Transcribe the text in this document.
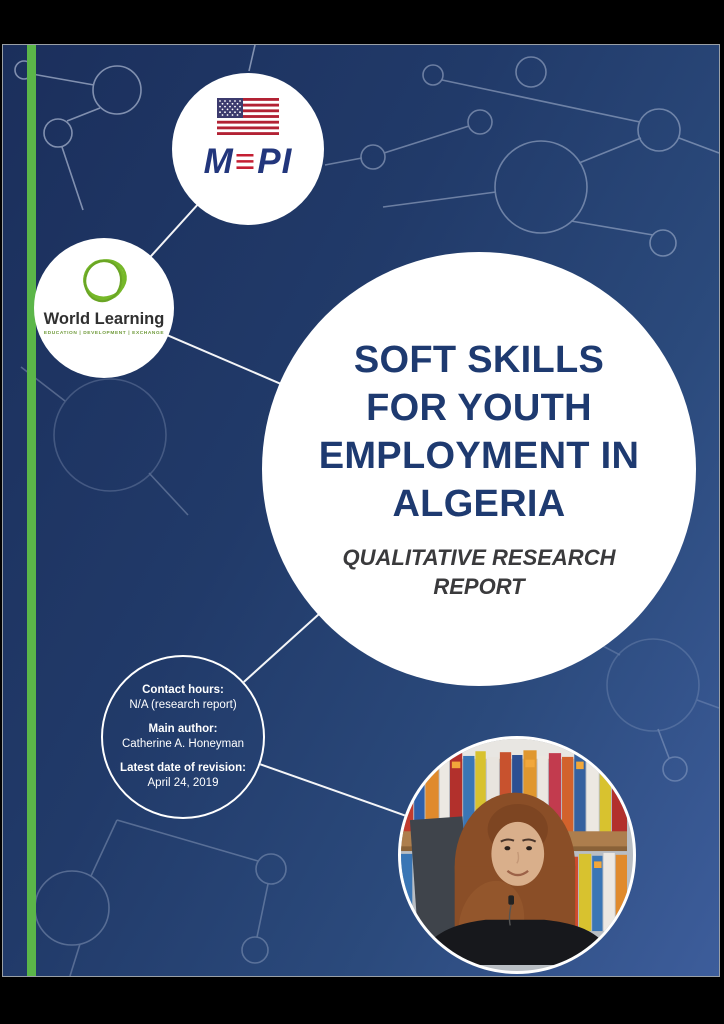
M≡PI
World Learning
EDUCATION | DEVELOPMENT | EXCHANGE
SOFT SKILLS
FOR YOUTH
EMPLOYMENT IN
ALGERIA
QUALITATIVE RESEARCH
REPORT
Contact hours:
N/A (research report)
Main author:
Catherine A. Honeyman
Latest date of revision:
April 24, 2019
